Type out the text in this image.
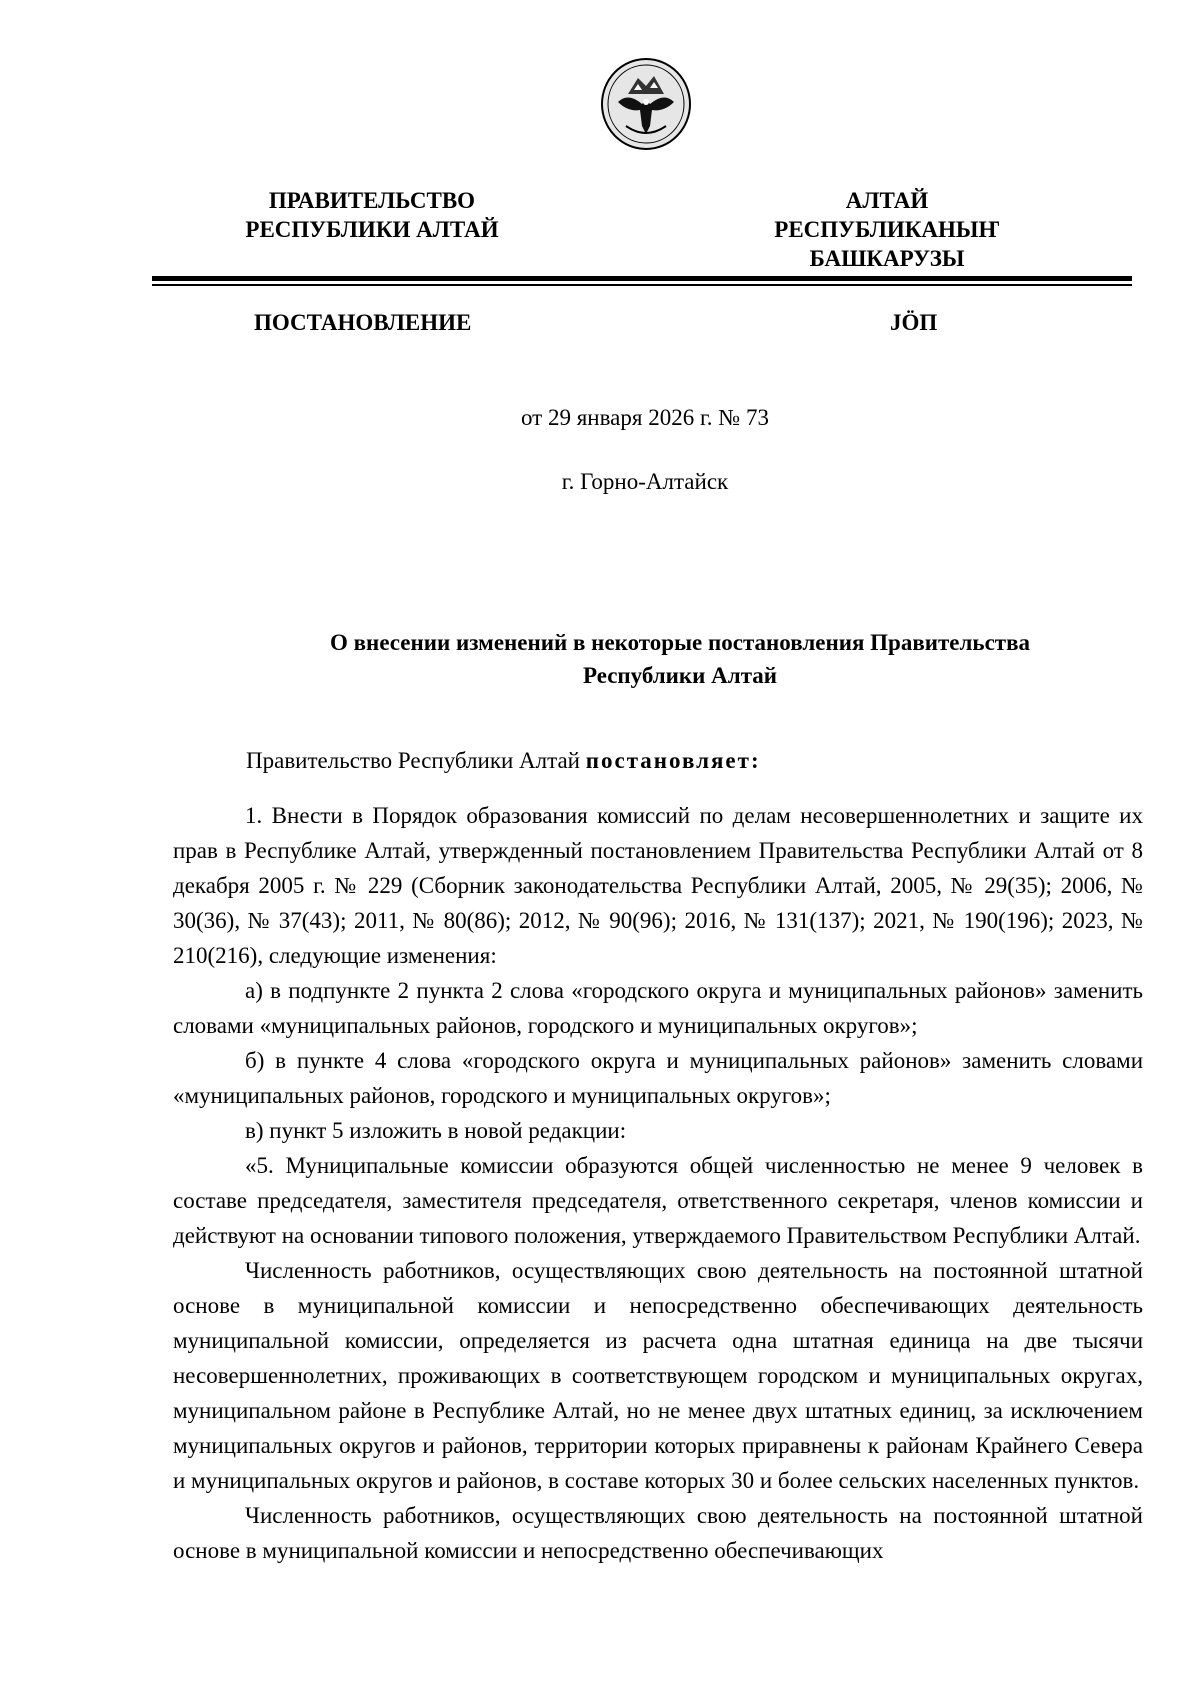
ПРАВИТЕЛЬСТВО
РЕСПУБЛИКИ АЛТАЙ
АЛТАЙ РЕСПУБЛИКАНЫҤ
БАШКАРУЗЫ
ПОСТАНОВЛЕНИЕ	ЈӦП
от 29 января 2026 г. № 73
г. Горно-Алтайск
О внесении изменений в некоторые постановления Правительства
Республики Алтай
Правительство Республики Алтай постановляет:

1. Внести в Порядок образования комиссий по делам несовершеннолетних и защите их прав в Республике Алтай, утвержденный постановлением Правительства Республики Алтай от 8 декабря 2005 г. № 229 (Сборник законодательства Республики Алтай, 2005, № 29(35); 2006, № 30(36), № 37(43); 2011, № 80(86); 2012, № 90(96); 2016, № 131(137); 2021, № 190(196); 2023, № 210(216), следующие изменения:

а) в подпункте 2 пункта 2 слова «городского округа и муниципальных районов» заменить словами «муниципальных районов, городского и муниципальных округов»;

б) в пункте 4 слова «городского округа и муниципальных районов» заменить словами «муниципальных районов, городского и муниципальных округов»;

в) пункт 5 изложить в новой редакции:

«5. Муниципальные комиссии образуются общей численностью не менее 9 человек в составе председателя, заместителя председателя, ответственного секретаря, членов комиссии и действуют на основании типового положения, утверждаемого Правительством Республики Алтай.

Численность работников, осуществляющих свою деятельность на постоянной штатной основе в муниципальной комиссии и непосредственно обеспечивающих деятельность муниципальной комиссии, определяется из расчета одна штатная единица на две тысячи несовершеннолетних, проживающих в соответствующем городском и муниципальных округах, муниципальном районе в Республике Алтай, но не менее двух штатных единиц, за исключением муниципальных округов и районов, территории которых приравнены к районам Крайнего Севера и муниципальных округов и районов, в составе которых 30 и более сельских населенных пунктов.

Численность работников, осуществляющих свою деятельность на постоянной штатной основе в муниципальной комиссии и непосредственно обеспечивающих
